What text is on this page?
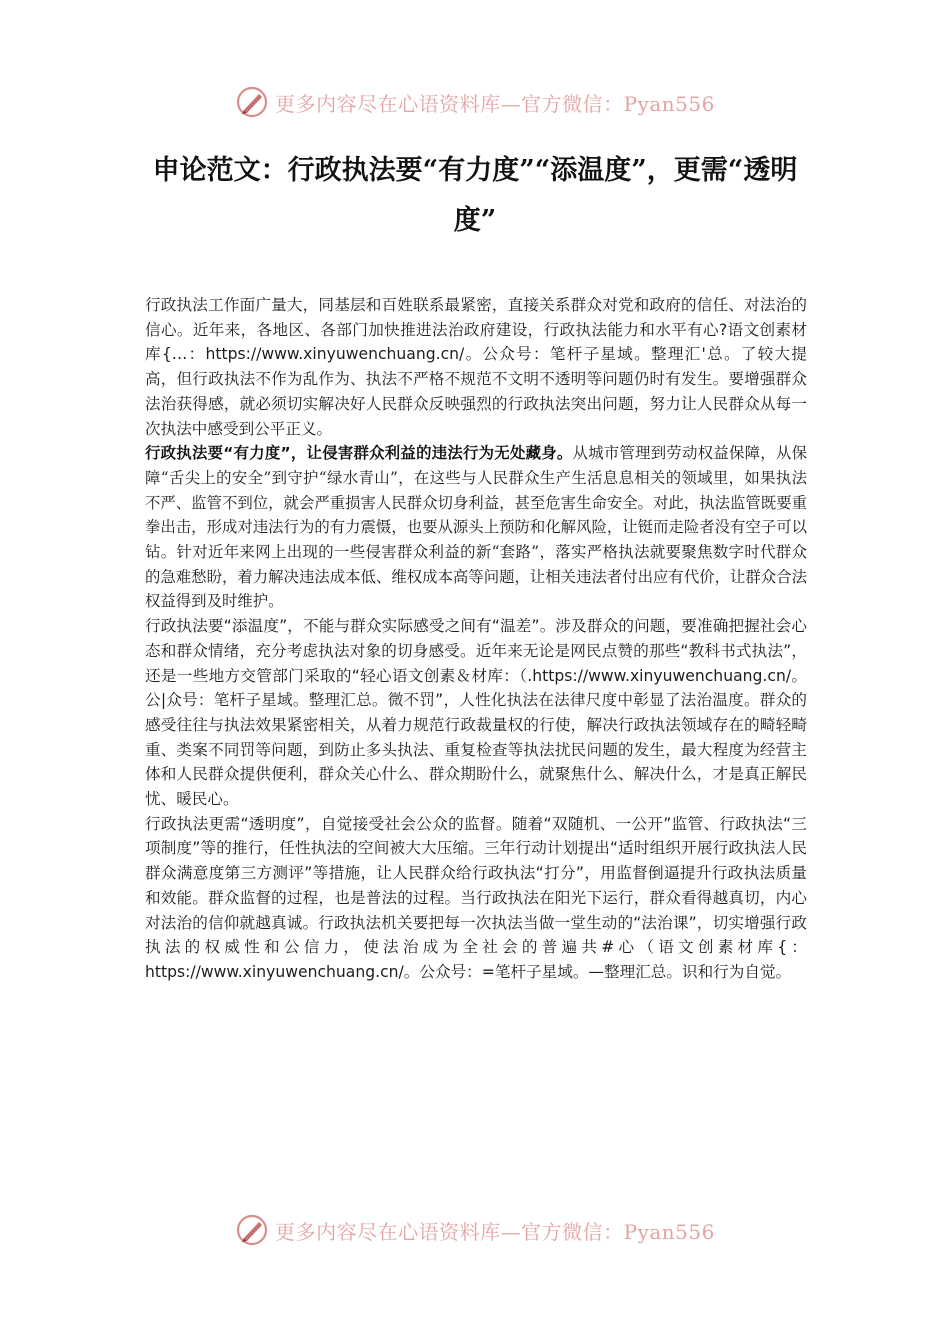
更多内容尽在心语资料库—官方微信：Pyan556
申论范文：行政执法要“有力度”“添温度”，更需“透明度”

行政执法工作面广量大，同基层和百姓联系最紧密，直接关系群众对党和政府的信任、对法治的信心。近年来，各地区、各部门加快推进法治政府建设，行政执法能力和水平有心?语文创素材库{…：https://www.xinyuwenchuang.cn/。公众号：笔杆子星域。整理汇'总。了较大提高，但行政执法不作为乱作为、执法不严格不规范不文明不透明等问题仍时有发生。要增强群众法治获得感，就必须切实解决好人民群众反映强烈的行政执法突出问题，努力让人民群众从每一次执法中感受到公平正义。

行政执法要“有力度”，让侵害群众利益的违法行为无处藏身。从城市管理到劳动权益保障，从保障“舌尖上的安全”到守护“绿水青山”，在这些与人民群众生产生活息息相关的领域里，如果执法不严、监管不到位，就会严重损害人民群众切身利益，甚至危害生命安全。对此，执法监管既要重拳出击，形成对违法行为的有力震慑，也要从源头上预防和化解风险，让铤而走险者没有空子可以钻。针对近年来网上出现的一些侵害群众利益的新“套路”，落实严格执法就要聚焦数字时代群众的急难愁盼，着力解决违法成本低、维权成本高等问题，让相关违法者付出应有代价，让群众合法权益得到及时维护。

行政执法要“添温度”，不能与群众实际感受之间有“温差”。涉及群众的问题，要准确把握社会心态和群众情绪，充分考虑执法对象的切身感受。近年来无论是网民点赞的那些“教科书式执法”，还是一些地方交管部门采取的“轻心语文创素＆材库：（.https://www.xinyuwenchuang.cn/。公|众号：笔杆子星域。整理汇总。微不罚”，人性化执法在法律尺度中彰显了法治温度。群众的感受往往与执法效果紧密相关，从着力规范行政裁量权的行使，解决行政执法领域存在的畸轻畸重、类案不同罚等问题，到防止多头执法、重复检查等执法扰民问题的发生，最大程度为经营主体和人民群众提供便利，群众关心什么、群众期盼什么，就聚焦什么、解决什么，才是真正解民忧、暖民心。

行政执法更需“透明度”，自觉接受社会公众的监督。随着“双随机、一公开”监管、行政执法“三项制度”等的推行，任性执法的空间被大大压缩。三年行动计划提出“适时组织开展行政执法人民群众满意度第三方测评”等措施，让人民群众给行政执法“打分”，用监督倒逼提升行政执法质量和效能。群众监督的过程，也是普法的过程。当行政执法在阳光下运行，群众看得越真切，内心对法治的信仰就越真诚。行政执法机关要把每一次执法当做一堂生动的“法治课”，切实增强行政执法的权威性和公信力，使法治成为全社会的普遍共#心（语文创素材库{：https://www.xinyuwenchuang.cn/。公众号：=笔杆子星域。—整理汇总。识和行为自觉。

更多内容尽在心语资料库—官方微信：Pyan556
